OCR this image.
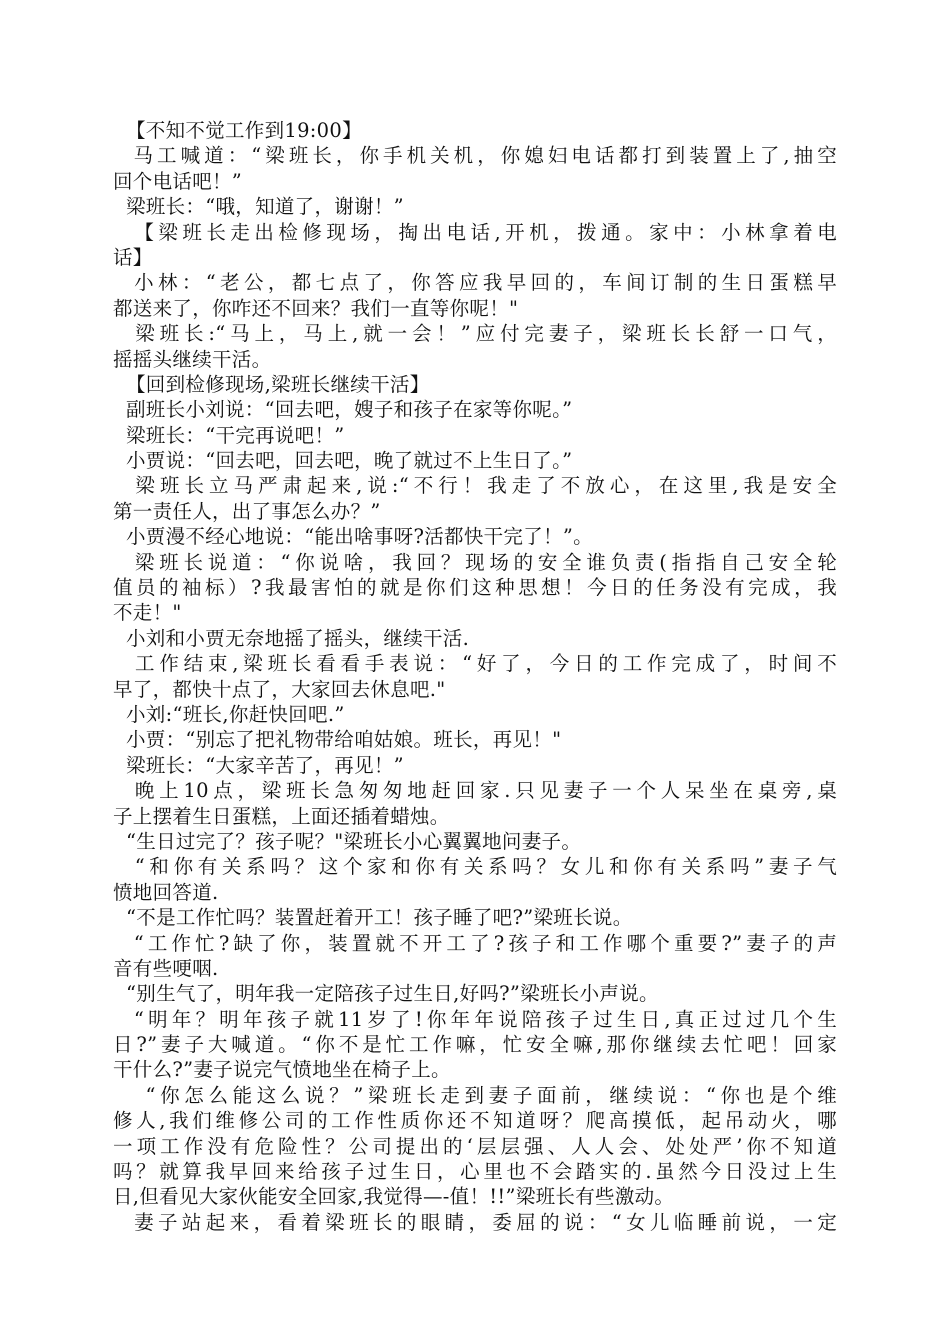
【不知不觉工作到19:00】
马工喊道：“梁班长，你手机关机，你媳妇电话都打到装置上了,抽空
回个电话吧！”
梁班长：“哦，知道了，谢谢！”
【梁班长走出检修现场，掏出电话,开机，拨通。家中：小林拿着电
话】
小林：“老公，都七点了，你答应我早回的，车间订制的生日蛋糕早
都送来了，你咋还不回来？我们一直等你呢！"
梁班长:“马上，马上,就一会！”应付完妻子，梁班长长舒一口气，
摇摇头继续干活。
【回到检修现场,梁班长继续干活】
副班长小刘说：“回去吧，嫂子和孩子在家等你呢。”
梁班长：“干完再说吧！”
小贾说：“回去吧，回去吧，晚了就过不上生日了。”
梁班长立马严肃起来,说:“不行！我走了不放心，在这里,我是安全
第一责任人，出了事怎么办？”
小贾漫不经心地说：“能出啥事呀?活都快干完了！”。
梁班长说道：“你说啥，我回？现场的安全谁负责(指指自己安全轮
值员的袖标）?我最害怕的就是你们这种思想！今日的任务没有完成，我
不走！"
小刘和小贾无奈地摇了摇头，继续干活.
工作结束,梁班长看看手表说：“好了，今日的工作完成了，时间不
早了，都快十点了，大家回去休息吧."
小刘:“班长,你赶快回吧.”
小贾：“别忘了把礼物带给咱姑娘。班长，再见！"
梁班长：“大家辛苦了，再见！”
晚上10点，梁班长急匆匆地赶回家.只见妻子一个人呆坐在桌旁,桌
子上摆着生日蛋糕，上面还插着蜡烛。
“生日过完了？孩子呢？"梁班长小心翼翼地问妻子。
“和你有关系吗？这个家和你有关系吗？女儿和你有关系吗”妻子气
愤地回答道.
“不是工作忙吗？装置赶着开工！孩子睡了吧?”梁班长说。
“工作忙?缺了你，装置就不开工了?孩子和工作哪个重要?”妻子的声
音有些哽咽.
“别生气了，明年我一定陪孩子过生日,好吗?”梁班长小声说。
“明年？明年孩子就11岁了!你年年说陪孩子过生日,真正过过几个生
日?”妻子大喊道。“你不是忙工作嘛，忙安全嘛,那你继续去忙吧！回家
干什么?”妻子说完气愤地坐在椅子上。
“你怎么能这么说？”梁班长走到妻子面前，继续说：“你也是个维
修人,我们维修公司的工作性质你还不知道呀？爬高摸低，起吊动火，哪
一项工作没有危险性？公司提出的‘层层强、人人会、处处严’你不知道
吗？就算我早回来给孩子过生日，心里也不会踏实的.虽然今日没过上生
日,但看见大家伙能安全回家,我觉得—-值！!!”梁班长有些激动。
妻子站起来，看着梁班长的眼睛，委屈的说：“女儿临睡前说，一定
